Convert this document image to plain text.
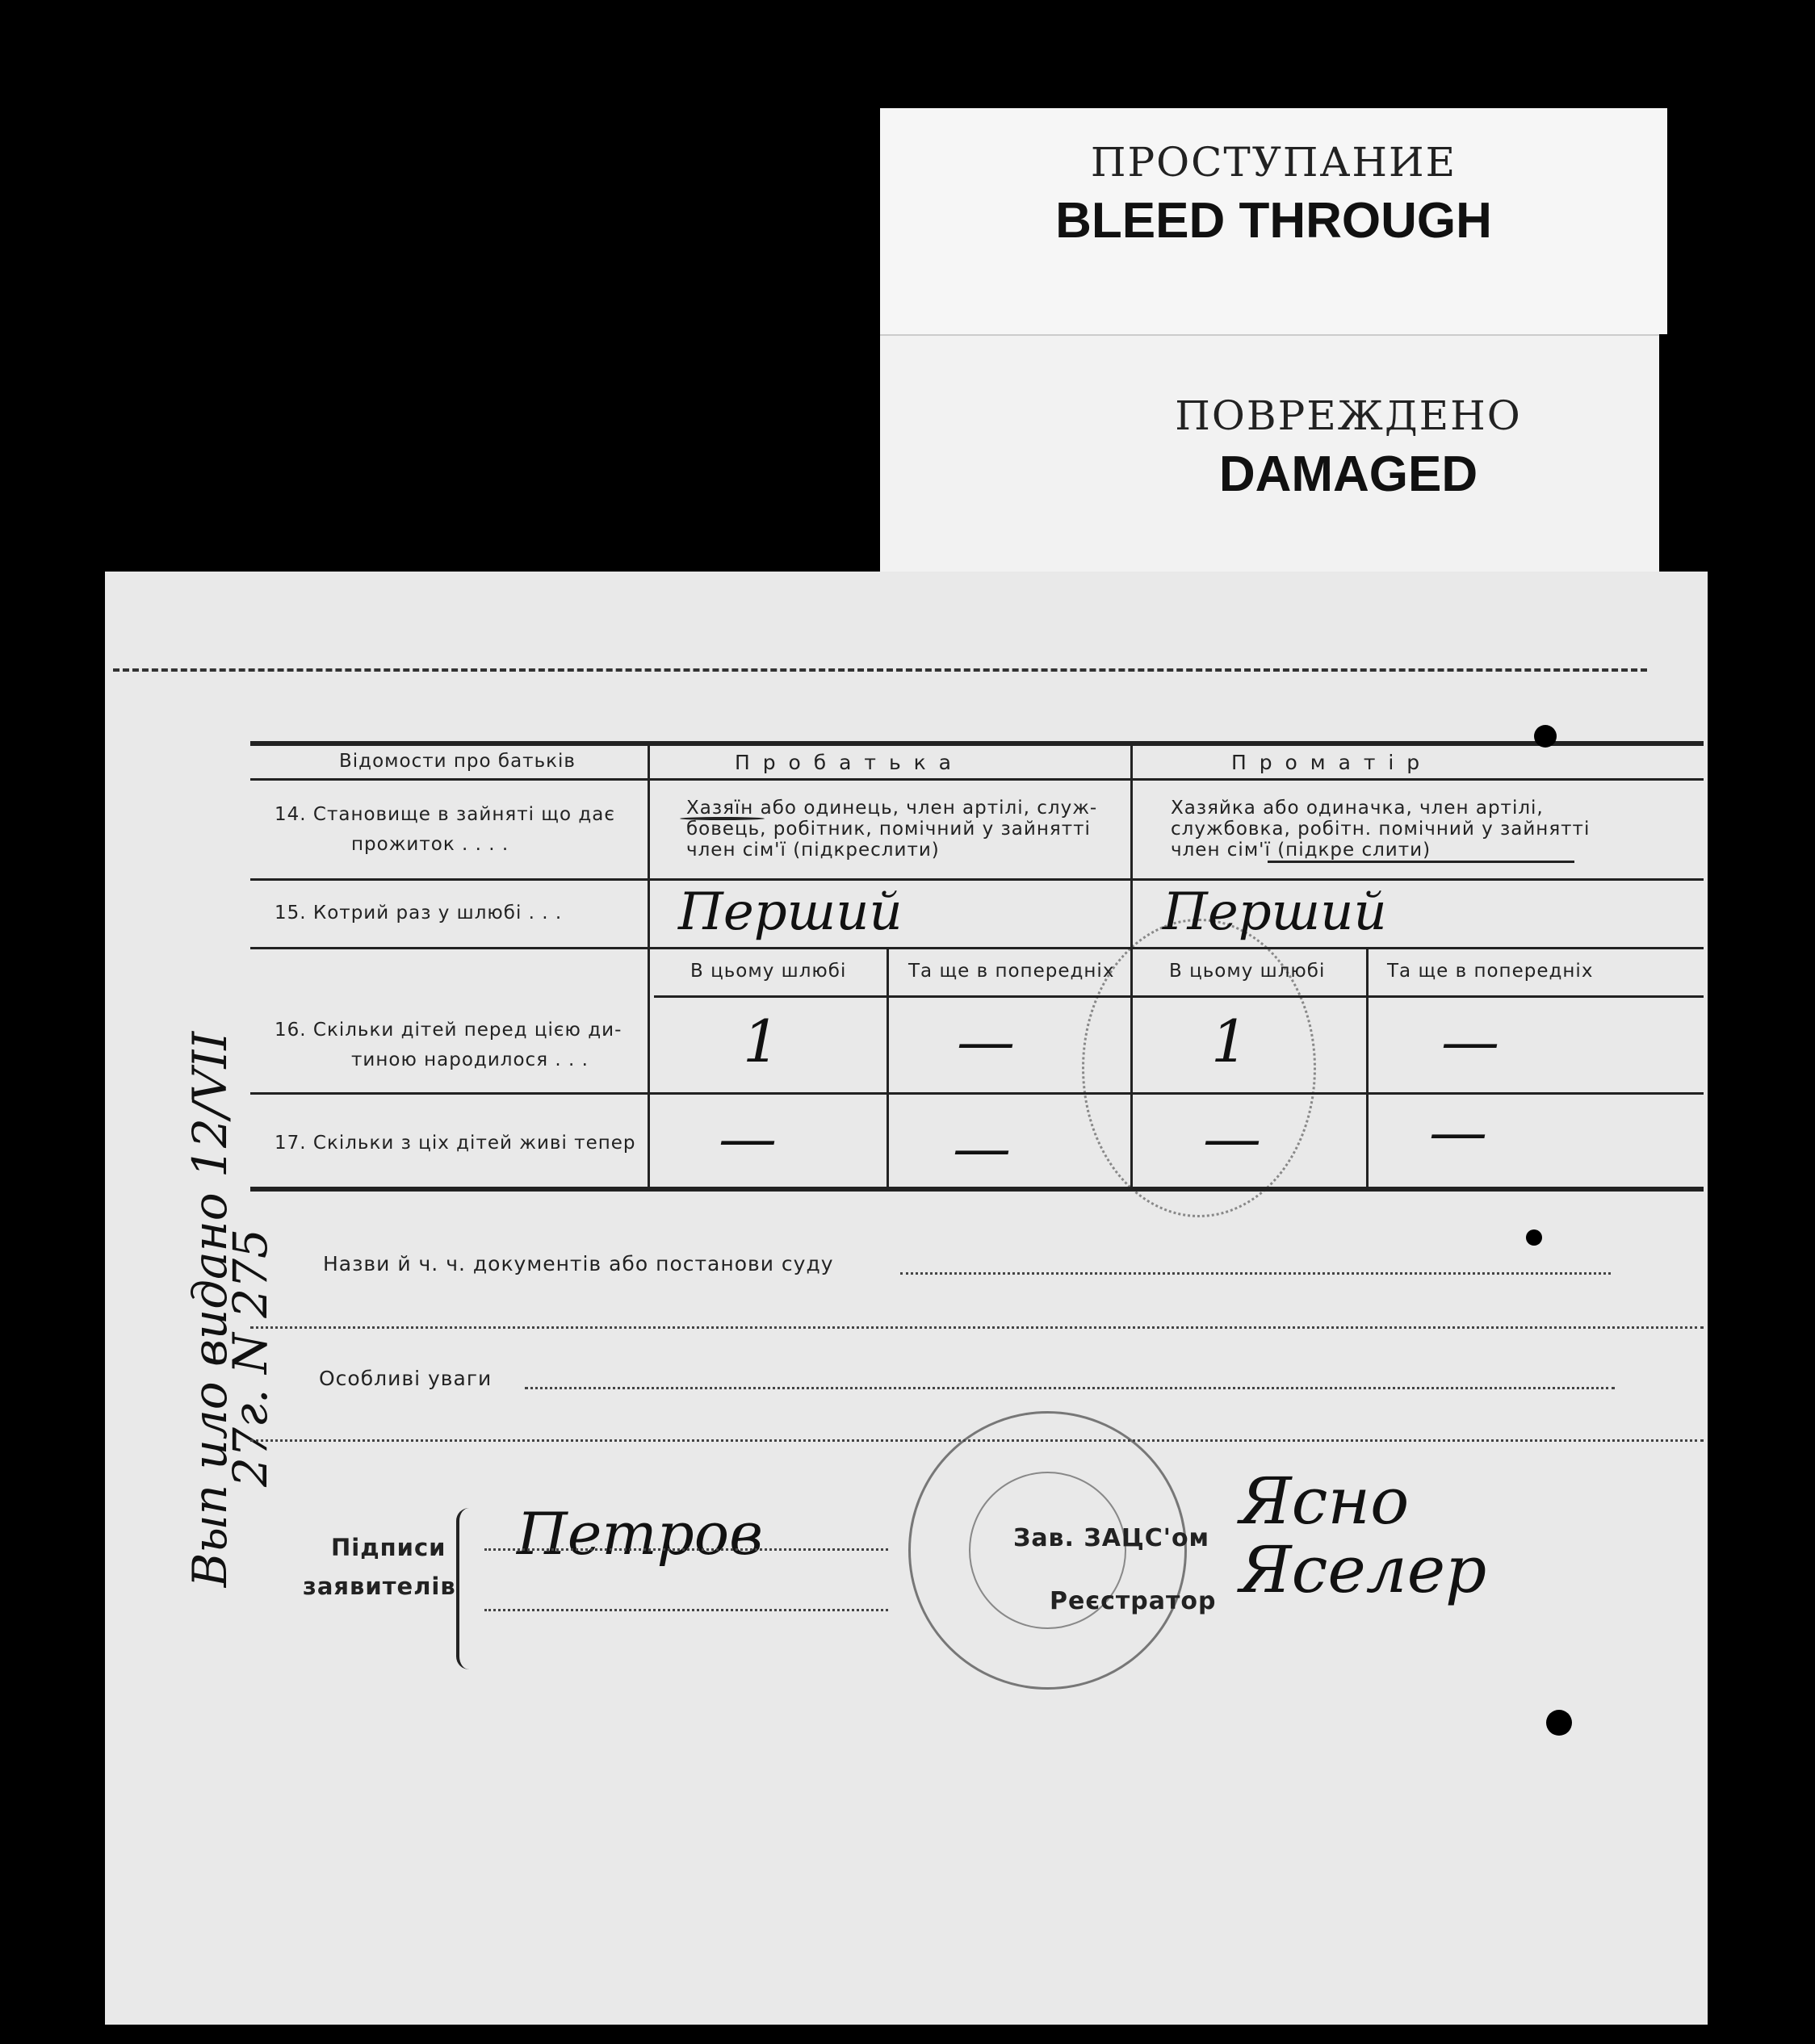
ПРОСТУПАНИЕ
BLEED THROUGH
ПОВРЕЖДЕНО
DAMAGED
Вып ило видано 12/VII
27г. N 275
Відомости про батьків	П р о б а т ь к а	П р о м а т і р
14. Становище в зайняті що дає
прожиток . . . .
Хазяїн або одинець, член артілі, служ-
бовець, робітник, помічний у зайнятті
член сім'ї (підкреслити)
Хазяйка або одиначка, член артілі,
службовка, робітн. помічний у зайнятті
член сім'ї (підкре слити)
15. Котрий раз у шлюбі . . . Перший	Перший
В цьому шлюбі	Та ще в попередніх	В цьому шлюбі	Та ще в попередніх
16. Скільки дітей перед цією ди-
тиною народилося . . .	1	—	1	—
17. Скільки з ціх дітей живі тепер —	—	—	—
Назви й ч. ч. документів або постанови суду
Особливі уваги
Підписи
заявителів
Петров	Зав. ЗАЦС'ом
Реєстратор
Ясно
Яселер
